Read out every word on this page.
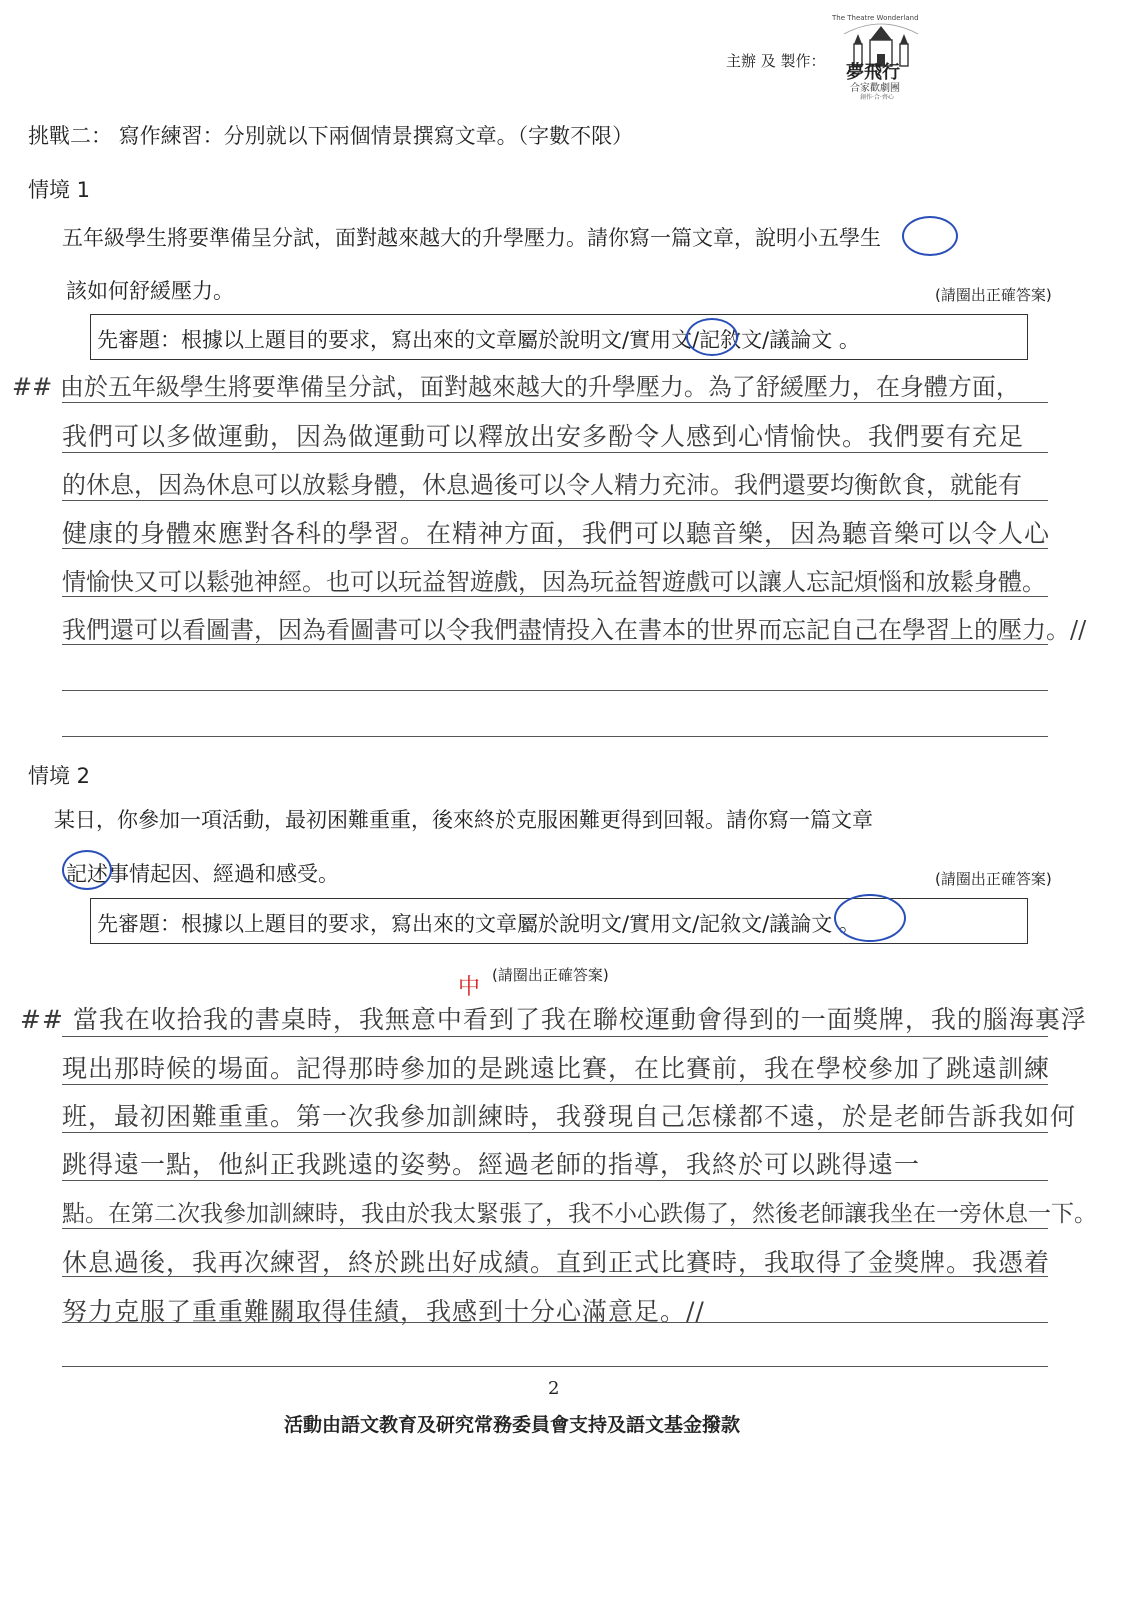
主辦 及 製作：
The Theatre Wonderland
夢飛行
合家歡劇團
創作·合·齊心
挑戰二： 寫作練習：分別就以下兩個情景撰寫文章。（字數不限）
情境 1
五年級學生將要準備呈分試，面對越來越大的升學壓力。請你寫一篇文章，說明小五學生
該如何舒緩壓力。	(請圈出正確答案)
先審題：根據以上題目的要求，寫出來的文章屬於說明文/實用文/記敘文/議論文 。
## 由於五年級學生將要準備呈分試，面對越來越大的升學壓力。為了舒緩壓力，在身體方面，
我們可以多做運動，因為做運動可以釋放出安多酚令人感到心情愉快。我們要有充足
的休息，因為休息可以放鬆身體，休息過後可以令人精力充沛。我們還要均衡飲食，就能有
健康的身體來應對各科的學習。在精神方面，我們可以聽音樂，因為聽音樂可以令人心
情愉快又可以鬆弛神經。也可以玩益智遊戲，因為玩益智遊戲可以讓人忘記煩惱和放鬆身體。
我們還可以看圖書，因為看圖書可以令我們盡情投入在書本的世界而忘記自己在學習上的壓力。//
情境 2
某日，你參加一項活動，最初困難重重，後來終於克服困難更得到回報。請你寫一篇文章
記述事情起因、經過和感受。	(請圈出正確答案)
先審題：根據以上題目的要求，寫出來的文章屬於說明文/實用文/記敘文/議論文 。
(請圈出正確答案)
中
## 當我在收拾我的書桌時，我無意中看到了我在聯校運動會得到的一面獎牌，我的腦海裏浮
現出那時候的場面。記得那時參加的是跳遠比賽，在比賽前，我在學校參加了跳遠訓練
班，最初困難重重。第一次我參加訓練時，我發現自己怎樣都不遠，於是老師告訴我如何
跳得遠一點，他糾正我跳遠的姿勢。經過老師的指導，我終於可以跳得遠一
點。在第二次我參加訓練時，我由於我太緊張了，我不小心跌傷了，然後老師讓我坐在一旁休息一下。
休息過後，我再次練習，終於跳出好成績。直到正式比賽時，我取得了金獎牌。我憑着
努力克服了重重難關取得佳績，我感到十分心滿意足。//
2
活動由語文教育及研究常務委員會支持及語文基金撥款
